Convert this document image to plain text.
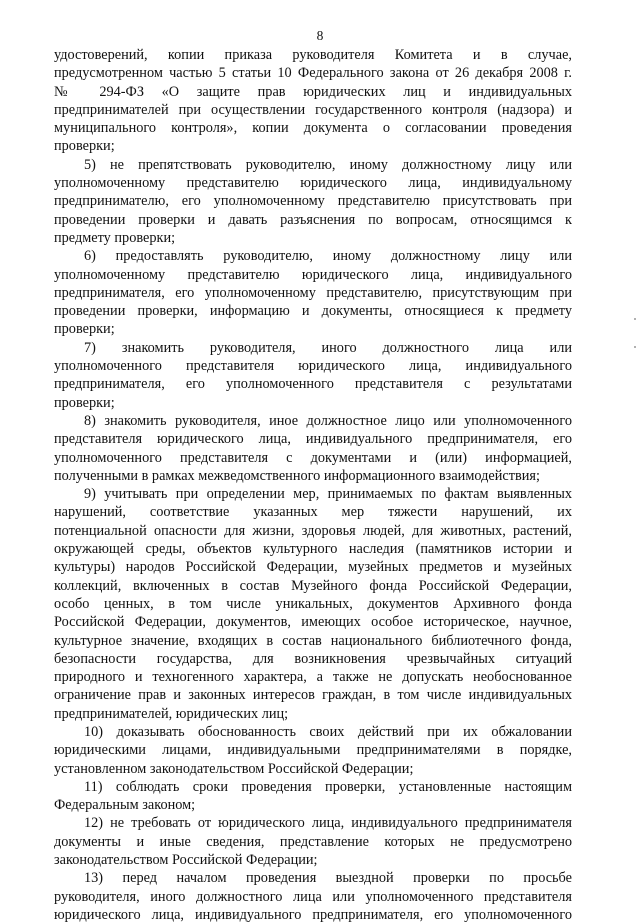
8
удостоверений, копии приказа руководителя Комитета и в случае,
предусмотренном частью 5 статьи 10 Федерального закона от 26 декабря 2008 г.
№ 294-ФЗ «О защите прав юридических лиц и индивидуальных
предпринимателей при осуществлении государственного контроля (надзора) и
муниципального контроля», копии документа о согласовании проведения
проверки;
5) не препятствовать руководителю, иному должностному лицу или
уполномоченному представителю юридического лица, индивидуальному
предпринимателю, его уполномоченному представителю присутствовать при
проведении проверки и давать разъяснения по вопросам, относящимся к
предмету проверки;
6) предоставлять руководителю, иному должностному лицу или
уполномоченному представителю юридического лица, индивидуального
предпринимателя, его уполномоченному представителю, присутствующим при
проведении проверки, информацию и документы, относящиеся к предмету
проверки;
7) знакомить руководителя, иного должностного лица или
уполномоченного представителя юридического лица, индивидуального
предпринимателя, его уполномоченного представителя с результатами
проверки;
8) знакомить руководителя, иное должностное лицо или уполномоченного
представителя юридического лица, индивидуального предпринимателя, его
уполномоченного представителя с документами и (или) информацией,
полученными в рамках межведомственного информационного взаимодействия;
9) учитывать при определении мер, принимаемых по фактам выявленных
нарушений, соответствие указанных мер тяжести нарушений, их
потенциальной опасности для жизни, здоровья людей, для животных, растений,
окружающей среды, объектов культурного наследия (памятников истории и
культуры) народов Российской Федерации, музейных предметов и музейных
коллекций, включенных в состав Музейного фонда Российской Федерации,
особо ценных, в том числе уникальных, документов Архивного фонда
Российской Федерации, документов, имеющих особое историческое, научное,
культурное значение, входящих в состав национального библиотечного фонда,
безопасности государства, для возникновения чрезвычайных ситуаций
природного и техногенного характера, а также не допускать необоснованное
ограничение прав и законных интересов граждан, в том числе индивидуальных
предпринимателей, юридических лиц;
10) доказывать обоснованность своих действий при их обжаловании
юридическими лицами, индивидуальными предпринимателями в порядке,
установленном законодательством Российской Федерации;
11) соблюдать сроки проведения проверки, установленные настоящим
Федеральным законом;
12) не требовать от юридического лица, индивидуального предпринимателя
документы и иные сведения, представление которых не предусмотрено
законодательством Российской Федерации;
13) перед началом проведения выездной проверки по просьбе
руководителя, иного должностного лица или уполномоченного представителя
юридического лица, индивидуального предпринимателя, его уполномоченного
